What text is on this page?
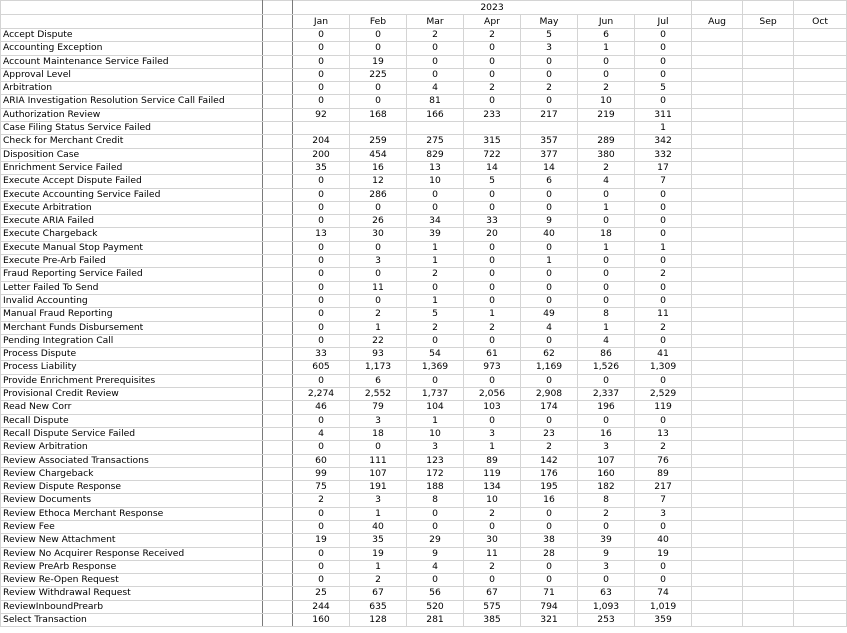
		2023									
		Jan	Feb	Mar	Apr	May	Jun	Jul	Aug	Sep	Oct
Accept Dispute		0	0	2	2	5	6	0			
Accounting Exception		0	0	0	0	3	1	0			
Account Maintenance Service Failed		0	19	0	0	0	0	0			
Approval Level		0	225	0	0	0	0	0			
Arbitration		0	0	4	2	2	2	5			
ARIA Investigation Resolution Service Call Failed		0	0	81	0	0	10	0			
Authorization Review		92	168	166	233	217	219	311			
Case Filing Status Service Failed								1			
Check for Merchant Credit		204	259	275	315	357	289	342			
Disposition Case		200	454	829	722	377	380	332			
Enrichment Service Failed		35	16	13	14	14	2	17			
Execute Accept Dispute Failed		0	12	10	5	6	4	7			
Execute Accounting Service Failed		0	286	0	0	0	0	0			
Execute Arbitration		0	0	0	0	0	1	0			
Execute ARIA Failed		0	26	34	33	9	0	0			
Execute Chargeback		13	30	39	20	40	18	0			
Execute Manual Stop Payment		0	0	1	0	0	1	1			
Execute Pre-Arb Failed		0	3	1	0	1	0	0			
Fraud Reporting Service Failed		0	0	2	0	0	0	2			
Letter Failed To Send		0	11	0	0	0	0	0			
Invalid Accounting		0	0	1	0	0	0	0			
Manual Fraud Reporting		0	2	5	1	49	8	11			
Merchant Funds Disbursement		0	1	2	2	4	1	2			
Pending Integration Call		0	22	0	0	0	4	0			
Process Dispute		33	93	54	61	62	86	41			
Process Liability		605	1,173	1,369	973	1,169	1,526	1,309			
Provide Enrichment Prerequisites		0	6	0	0	0	0	0			
Provisional Credit Review		2,274	2,552	1,737	2,056	2,908	2,337	2,529			
Read New Corr		46	79	104	103	174	196	119			
Recall Dispute		0	3	1	0	0	0	0			
Recall Dispute Service Failed		4	18	10	3	23	16	13			
Review Arbitration		0	0	3	1	2	3	2			
Review Associated Transactions		60	111	123	89	142	107	76			
Review Chargeback		99	107	172	119	176	160	89			
Review Dispute Response		75	191	188	134	195	182	217			
Review Documents		2	3	8	10	16	8	7			
Review Ethoca Merchant Response		0	1	0	2	0	2	3			
Review Fee		0	40	0	0	0	0	0			
Review New Attachment		19	35	29	30	38	39	40			
Review No Acquirer Response Received		0	19	9	11	28	9	19			
Review PreArb Response		0	1	4	2	0	3	0			
Review Re-Open Request		0	2	0	0	0	0	0			
Review Withdrawal Request		25	67	56	67	71	63	74			
ReviewInboundPrearb		244	635	520	575	794	1,093	1,019			
Select Transaction		160	128	281	385	321	253	359			
